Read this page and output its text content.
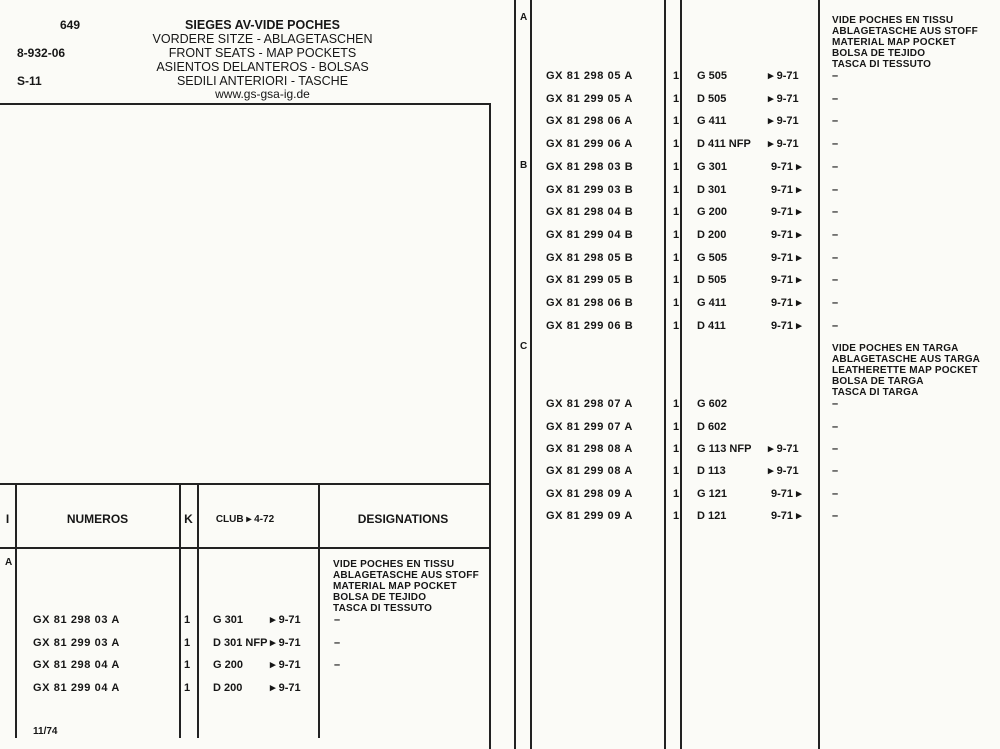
649
8-932-06
S-11
SIEGES AV-VIDE POCHES
VORDERE SITZE - ABLAGETASCHEN
FRONT SEATS - MAP POCKETS
ASIENTOS DELANTEROS - BOLSAS
SEDILI ANTERIORI - TASCHE
www.gs-gsa-ig.de
I	NUMEROS	K	CLUB ▸ 4-72	DESIGNATIONS
A	VIDE POCHES EN TISSU
ABLAGETASCHE AUS STOFF
MATERIAL MAP POCKET
BOLSA DE TEJIDO
TASCA DI TESSUTO
GX 81 298 03 A	1 G 301 ▸ 9-71	–
GX 81 299 03 A	1 D 301 NFP ▸ 9-71	–
GX 81 298 04 A	1 G 200 ▸ 9-71	–
GX 81 299 04 A	1 D 200	▸ 9-71
11/74
A
B
C
VIDE POCHES EN TISSU
ABLAGETASCHE AUS STOFF
MATERIAL MAP POCKET
BOLSA DE TEJIDO
TASCA DI TESSUTO
VIDE POCHES EN TARGA
ABLAGETASCHE AUS TARGA
LEATHERETTE MAP POCKET
BOLSA DE TARGA
TASCA DI TARGA
GX 81 298 05 A	1 G 505	▸ 9-71	–
GX 81 299 05 A	1 D 505	▸ 9-71	–
GX 81 298 06 A	1 G 411	▸ 9-71	–
GX 81 299 06 A	1 D 411 NFP ▸ 9-71	–
GX 81 298 03 B	1 G 301	9-71 ▸	–
GX 81 299 03 B	1 D 301	9-71 ▸	–
GX 81 298 04 B	1 G 200	9-71 ▸	–
GX 81 299 04 B	1 D 200	9-71 ▸	–
GX 81 298 05 B	1 G 505	9-71 ▸	–
GX 81 299 05 B	1 D 505	9-71 ▸	–
GX 81 298 06 B	1 G 411	9-71 ▸	–
GX 81 299 06 B	1 D 411	9-71 ▸	–
GX 81 298 07 A	1 G 602	–
GX 81 299 07 A	1 D 602	–
GX 81 298 08 A	1 G 113 NFP ▸ 9-71	–
GX 81 299 08 A	1 D 113	▸ 9-71	–
GX 81 298 09 A	1 G 121	9-71 ▸	–
GX 81 299 09 A	1 D 121	9-71 ▸	–
